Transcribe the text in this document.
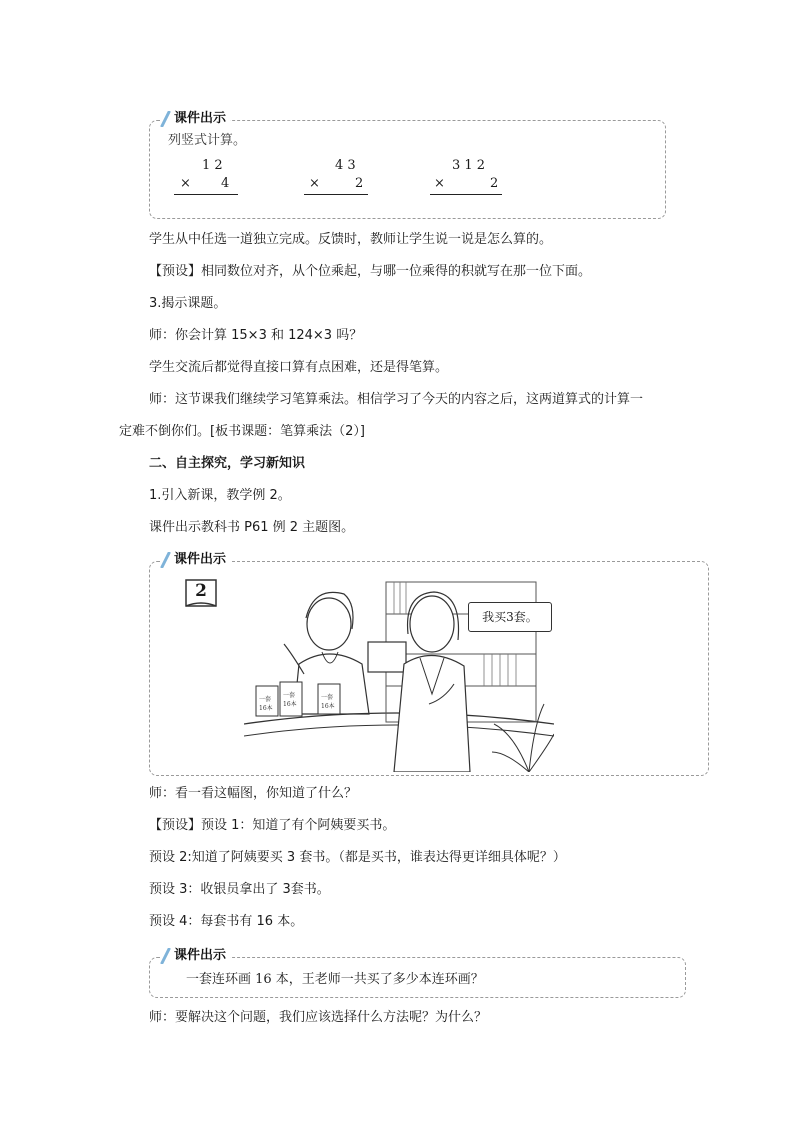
课件出示
列竖式计算。
1 2
× 4
4 3
×	2
3 1 2
×	2
学生从中任选一道独立完成。反馈时，教师让学生说一说是怎么算的。
【预设】相同数位对齐，从个位乘起，与哪一位乘得的积就写在那一位下面。
3.揭示课题。
师：你会计算 15×3 和 124×3 吗？
学生交流后都觉得直接口算有点困难，还是得笔算。
师：这节课我们继续学习笔算乘法。相信学习了今天的内容之后，这两道算式的计算一
定难不倒你们。[板书课题：笔算乘法（2）]
二、自主探究，学习新知识
1.引入新课，教学例 2。
课件出示教科书 P61 例 2 主题图。
课件出示
2
一套
16本
一套
16本
一套
16本
我买3套。
师：看一看这幅图，你知道了什么？
【预设】预设 1：知道了有个阿姨要买书。
预设 2:知道了阿姨要买 3 套书。（都是买书，谁表达得更详细具体呢？）
预设 3：收银员拿出了 3套书。
预设 4：每套书有 16 本。
课件出示
一套连环画 16 本，王老师一共买了多少本连环画？
师：要解决这个问题，我们应该选择什么方法呢？为什么？
